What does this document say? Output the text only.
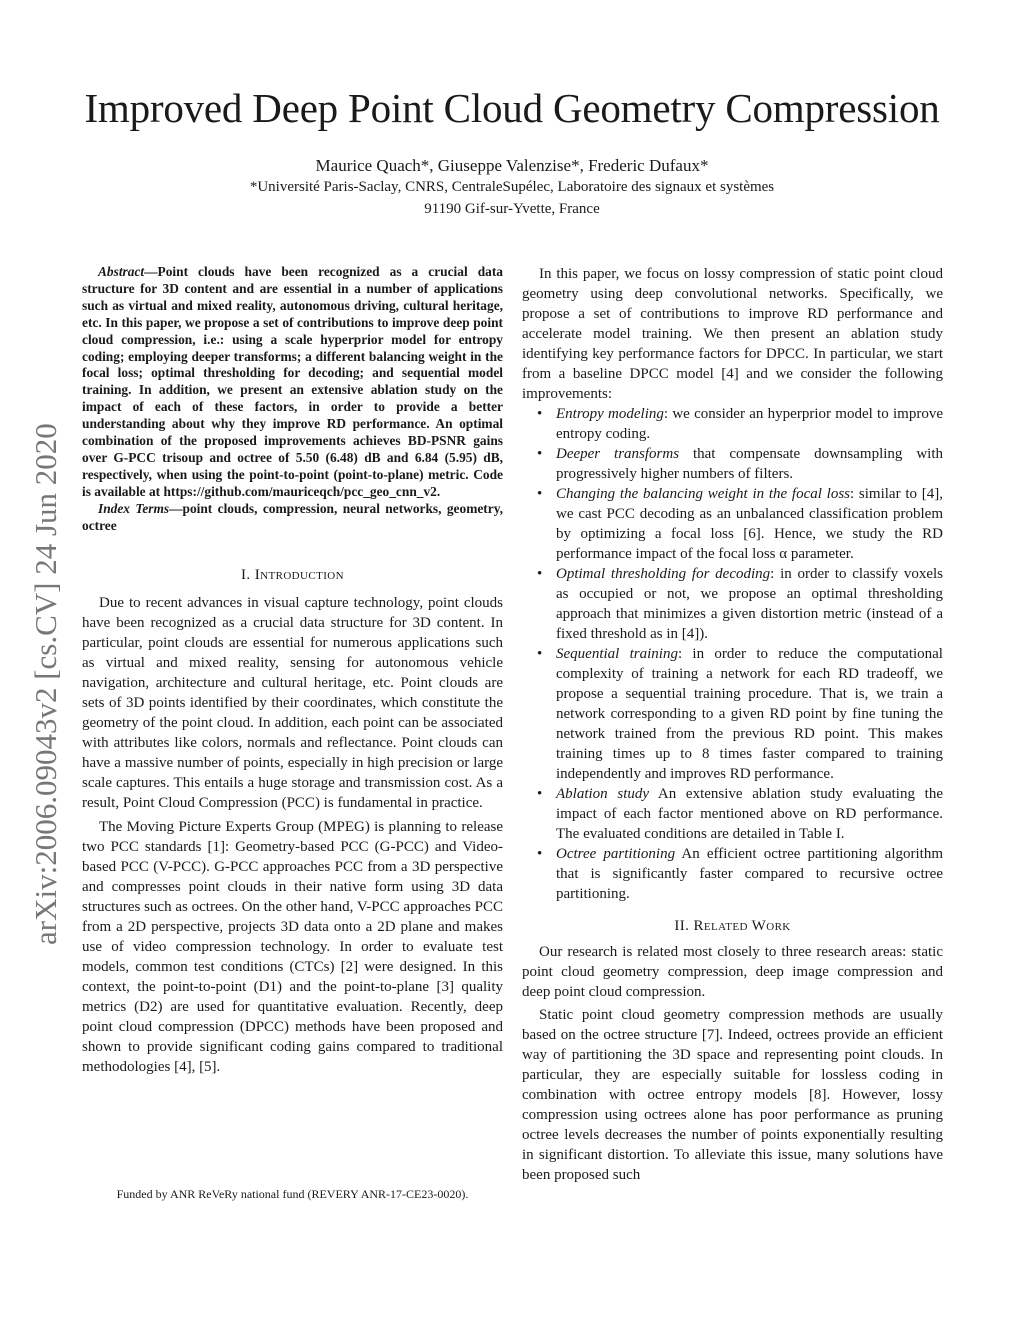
Improved Deep Point Cloud Geometry Compression
Maurice Quach*, Giuseppe Valenzise*, Frederic Dufaux*
*Université Paris-Saclay, CNRS, CentraleSupélec, Laboratoire des signaux et systèmes
91190 Gif-sur-Yvette, France
arXiv:2006.09043v2 [cs.CV] 24 Jun 2020

Abstract—Point clouds have been recognized as a crucial data structure for 3D content and are essential in a number of applications such as virtual and mixed reality, autonomous driving, cultural heritage, etc. In this paper, we propose a set of contributions to improve deep point cloud compression, i.e.: using a scale hyperprior model for entropy coding; employing deeper transforms; a different balancing weight in the focal loss; optimal thresholding for decoding; and sequential model training. In addition, we present an extensive ablation study on the impact of each of these factors, in order to provide a better understanding about why they improve RD performance. An optimal combination of the proposed improvements achieves BD-PSNR gains over G-PCC trisoup and octree of 5.50 (6.48) dB and 6.84 (5.95) dB, respectively, when using the point-to-point (point-to-plane) metric. Code is available at https://github.com/mauriceqch/pcc_geo_cnn_v2.

Index Terms—point clouds, compression, neural networks, geometry, octree

I. Introduction

Due to recent advances in visual capture technology, point clouds have been recognized as a crucial data structure for 3D content. In particular, point clouds are essential for numerous applications such as virtual and mixed reality, sensing for autonomous vehicle navigation, architecture and cultural heritage, etc. Point clouds are sets of 3D points identified by their coordinates, which constitute the geometry of the point cloud. In addition, each point can be associated with attributes like colors, normals and reflectance. Point clouds can have a massive number of points, especially in high precision or large scale captures. This entails a huge storage and transmission cost. As a result, Point Cloud Compression (PCC) is fundamental in practice.

The Moving Picture Experts Group (MPEG) is planning to release two PCC standards [1]: Geometry-based PCC (G-PCC) and Video-based PCC (V-PCC). G-PCC approaches PCC from a 3D perspective and compresses point clouds in their native form using 3D data structures such as octrees. On the other hand, V-PCC approaches PCC from a 2D perspective, projects 3D data onto a 2D plane and makes use of video compression technology. In order to evaluate test models, common test conditions (CTCs) [2] were designed. In this context, the point-to-point (D1) and the point-to-plane [3] quality metrics (D2) are used for quantitative evaluation. Recently, deep point cloud compression (DPCC) methods have been proposed and shown to provide significant coding gains compared to traditional methodologies [4], [5].

In this paper, we focus on lossy compression of static point cloud geometry using deep convolutional networks. Specifically, we propose a set of contributions to improve RD performance and accelerate model training. We then present an ablation study identifying key performance factors for DPCC. In particular, we start from a baseline DPCC model [4] and we consider the following improvements:

• Entropy modeling: we consider an hyperprior model to improve entropy coding.
• Deeper transforms that compensate downsampling with progressively higher numbers of filters.
• Changing the balancing weight in the focal loss: similar to [4], we cast PCC decoding as an unbalanced classification problem by optimizing a focal loss [6]. Hence, we study the RD performance impact of the focal loss α parameter.
• Optimal thresholding for decoding: in order to classify voxels as occupied or not, we propose an optimal thresholding approach that minimizes a given distortion metric (instead of a fixed threshold as in [4]).
• Sequential training: in order to reduce the computational complexity of training a network for each RD tradeoff, we propose a sequential training procedure. That is, we train a network corresponding to a given RD point by fine tuning the network trained from the previous RD point. This makes training times up to 8 times faster compared to training independently and improves RD performance.
• Ablation study An extensive ablation study evaluating the impact of each factor mentioned above on RD performance. The evaluated conditions are detailed in Table I.
• Octree partitioning An efficient octree partitioning algorithm that is significantly faster compared to recursive octree partitioning.

II. Related Work

Our research is related most closely to three research areas: static point cloud geometry compression, deep image compression and deep point cloud compression.

Static point cloud geometry compression methods are usually based on the octree structure [7]. Indeed, octrees provide an efficient way of partitioning the 3D space and representing point clouds. In particular, they are especially suitable for lossless coding in combination with octree entropy models [8]. However, lossy compression using octrees alone has poor performance as pruning octree levels decreases the number of points exponentially resulting in significant distortion. To alleviate this issue, many solutions have been proposed such

Funded by ANR ReVeRy national fund (REVERY ANR-17-CE23-0020).
